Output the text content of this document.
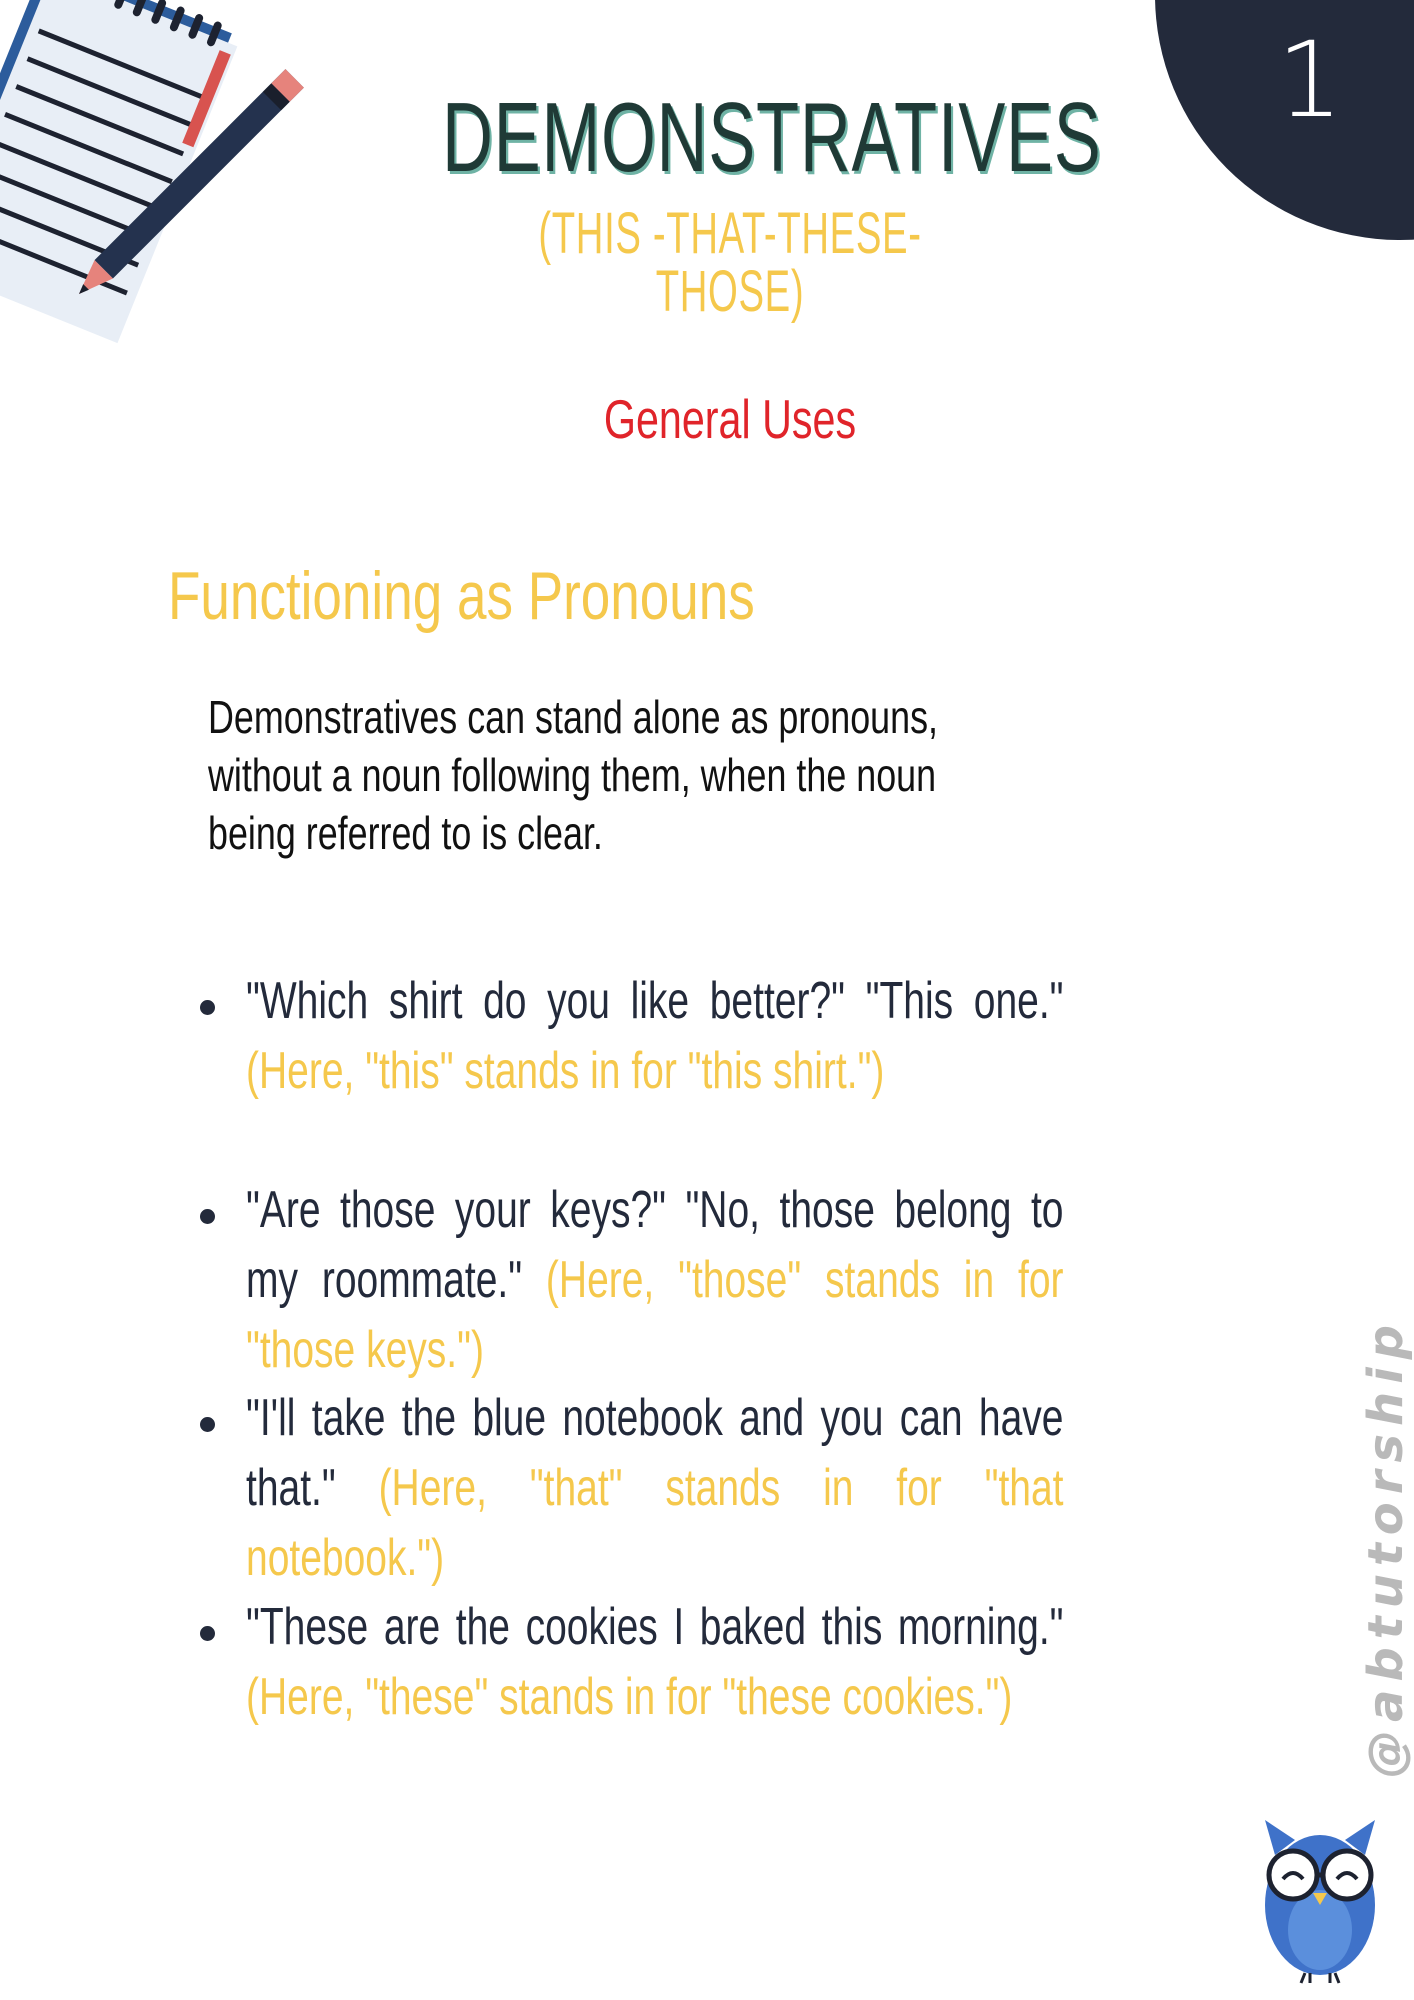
1
DEMONSTRATIVES
(THIS -THAT-THESE-THOSE)
General Uses
Functioning as Pronouns
Demonstratives can stand alone as pronouns, without a noun following them, when the noun being referred to is clear.
"Which shirt do you like better?" "This one." (Here, "this" stands in for "this shirt.")
"Are those your keys?" "No, those belong to my roommate." (Here, "those" stands in for "those keys.")
"I'll take the blue notebook and you can have that." (Here, "that" stands in for "that notebook.")
"These are the cookies I baked this morning." (Here, "these" stands in for "these cookies.")	@abtutorship
